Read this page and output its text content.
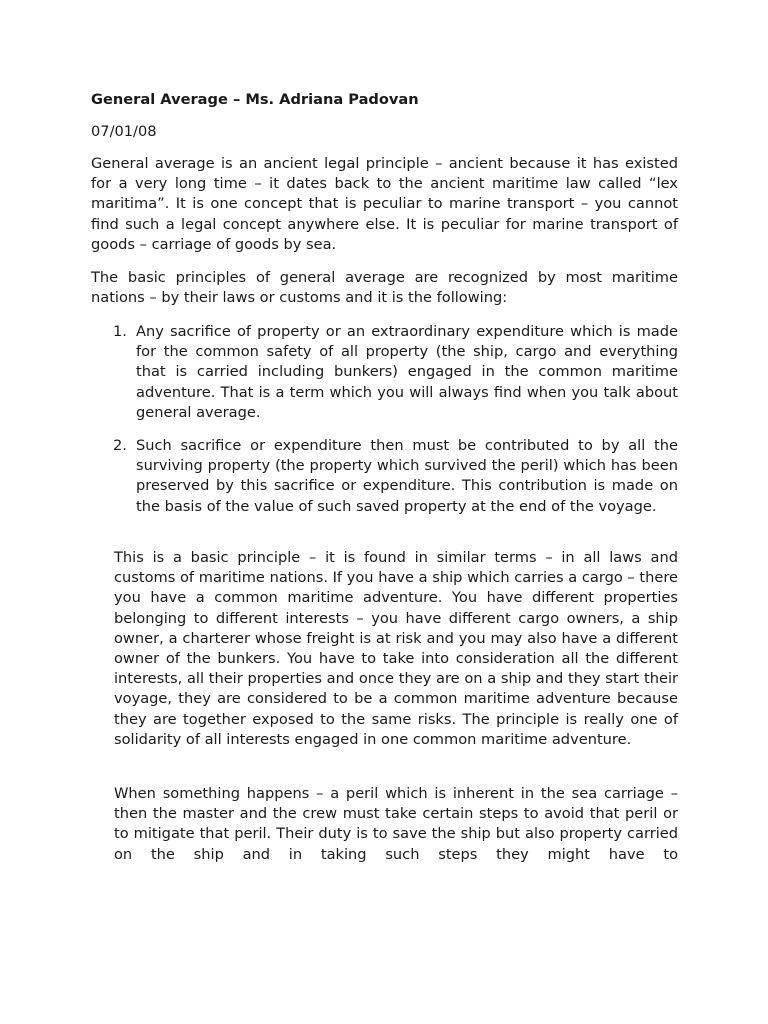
General Average – Ms. Adriana Padovan
07/01/08

General average is an ancient legal principle – ancient because it has existed for a very long time – it dates back to the ancient maritime law called “lex maritima”. It is one concept that is peculiar to marine transport – you cannot find such a legal concept anywhere else. It is peculiar for marine transport of goods – carriage of goods by sea.

The basic principles of general average are recognized by most maritime nations – by their laws or customs and it is the following:

1. Any sacrifice of property or an extraordinary expenditure which is made for the common safety of all property (the ship, cargo and everything that is carried including bunkers) engaged in the common maritime adventure. That is a term which you will always find when you talk about general average.
2. Such sacrifice or expenditure then must be contributed to by all the surviving property (the property which survived the peril) which has been preserved by this sacrifice or expenditure. This contribution is made on the basis of the value of such saved property at the end of the voyage.

This is a basic principle – it is found in similar terms – in all laws and customs of maritime nations. If you have a ship which carries a cargo – there you have a common maritime adventure. You have different properties belonging to different interests – you have different cargo owners, a ship owner, a charterer whose freight is at risk and you may also have a different owner of the bunkers. You have to take into consideration all the different interests, all their properties and once they are on a ship and they start their voyage, they are considered to be a common maritime adventure because they are together exposed to the same risks. The principle is really one of solidarity of all interests engaged in one common maritime adventure.

When something happens – a peril which is inherent in the sea carriage – then the master and the crew must take certain steps to avoid that peril or to mitigate that peril. Their duty is to save the ship but also property carried on the ship and in taking such steps they might have to
